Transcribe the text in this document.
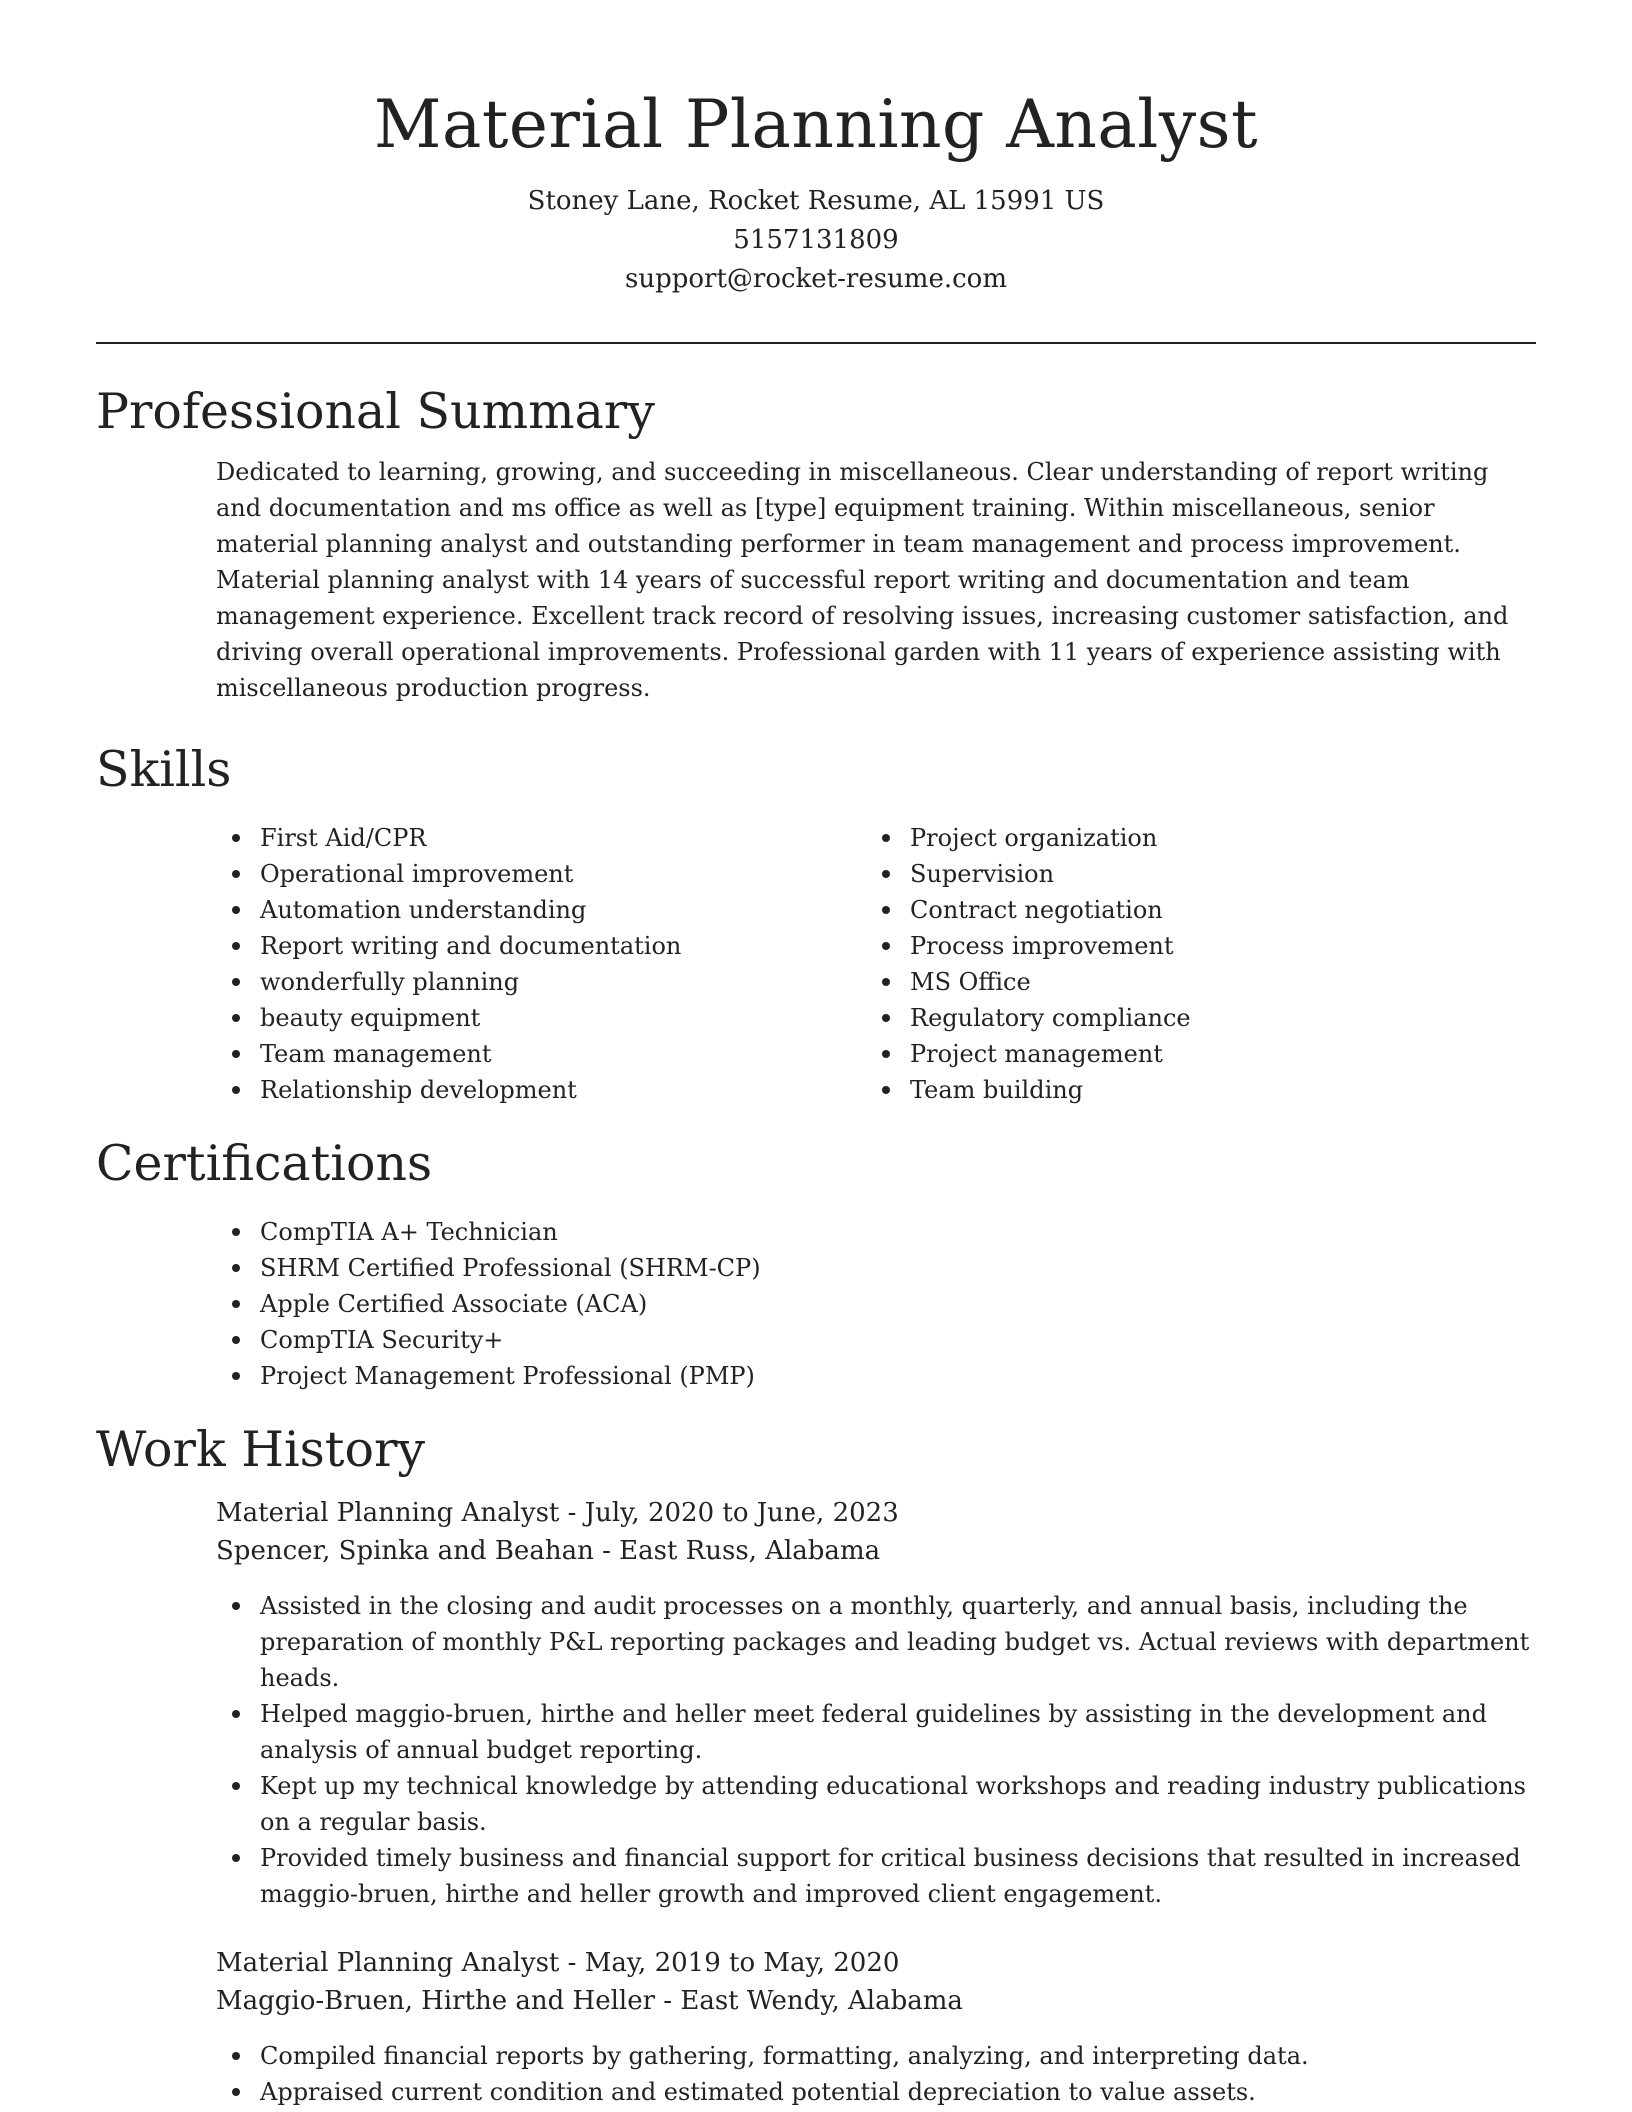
Material Planning Analyst
Stoney Lane, Rocket Resume, AL 15991 US
5157131809
support@rocket-resume.com
Professional Summary

Dedicated to learning, growing, and succeeding in miscellaneous. Clear understanding of report writing and documentation and ms office as well as [type] equipment training. Within miscellaneous, senior material planning analyst and outstanding performer in team management and process improvement. Material planning analyst with 14 years of successful report writing and documentation and team management experience. Excellent track record of resolving issues, increasing customer satisfaction, and driving overall operational improvements. Professional garden with 11 years of experience assisting with miscellaneous production progress.

Skills
First Aid/CPR
Operational improvement
Automation understanding
Report writing and documentation
wonderfully planning
beauty equipment
Team management
Relationship development
Project organization
Supervision
Contract negotiation
Process improvement
MS Office
Regulatory compliance
Project management
Team building
Certifications
CompTIA A+ Technician
SHRM Certified Professional (SHRM-CP)
Apple Certified Associate (ACA)
CompTIA Security+
Project Management Professional (PMP)
Work History
Material Planning Analyst - July, 2020 to June, 2023
Spencer, Spinka and Beahan - East Russ, Alabama
Assisted in the closing and audit processes on a monthly, quarterly, and annual basis, including the preparation of monthly P&L reporting packages and leading budget vs. Actual reviews with department heads.
Helped maggio-bruen, hirthe and heller meet federal guidelines by assisting in the development and analysis of annual budget reporting.
Kept up my technical knowledge by attending educational workshops and reading industry publications on a regular basis.
Provided timely business and financial support for critical business decisions that resulted in increased maggio-bruen, hirthe and heller growth and improved client engagement.
Material Planning Analyst - May, 2019 to May, 2020
Maggio-Bruen, Hirthe and Heller - East Wendy, Alabama
Compiled financial reports by gathering, formatting, analyzing, and interpreting data.
Appraised current condition and estimated potential depreciation to value assets.
